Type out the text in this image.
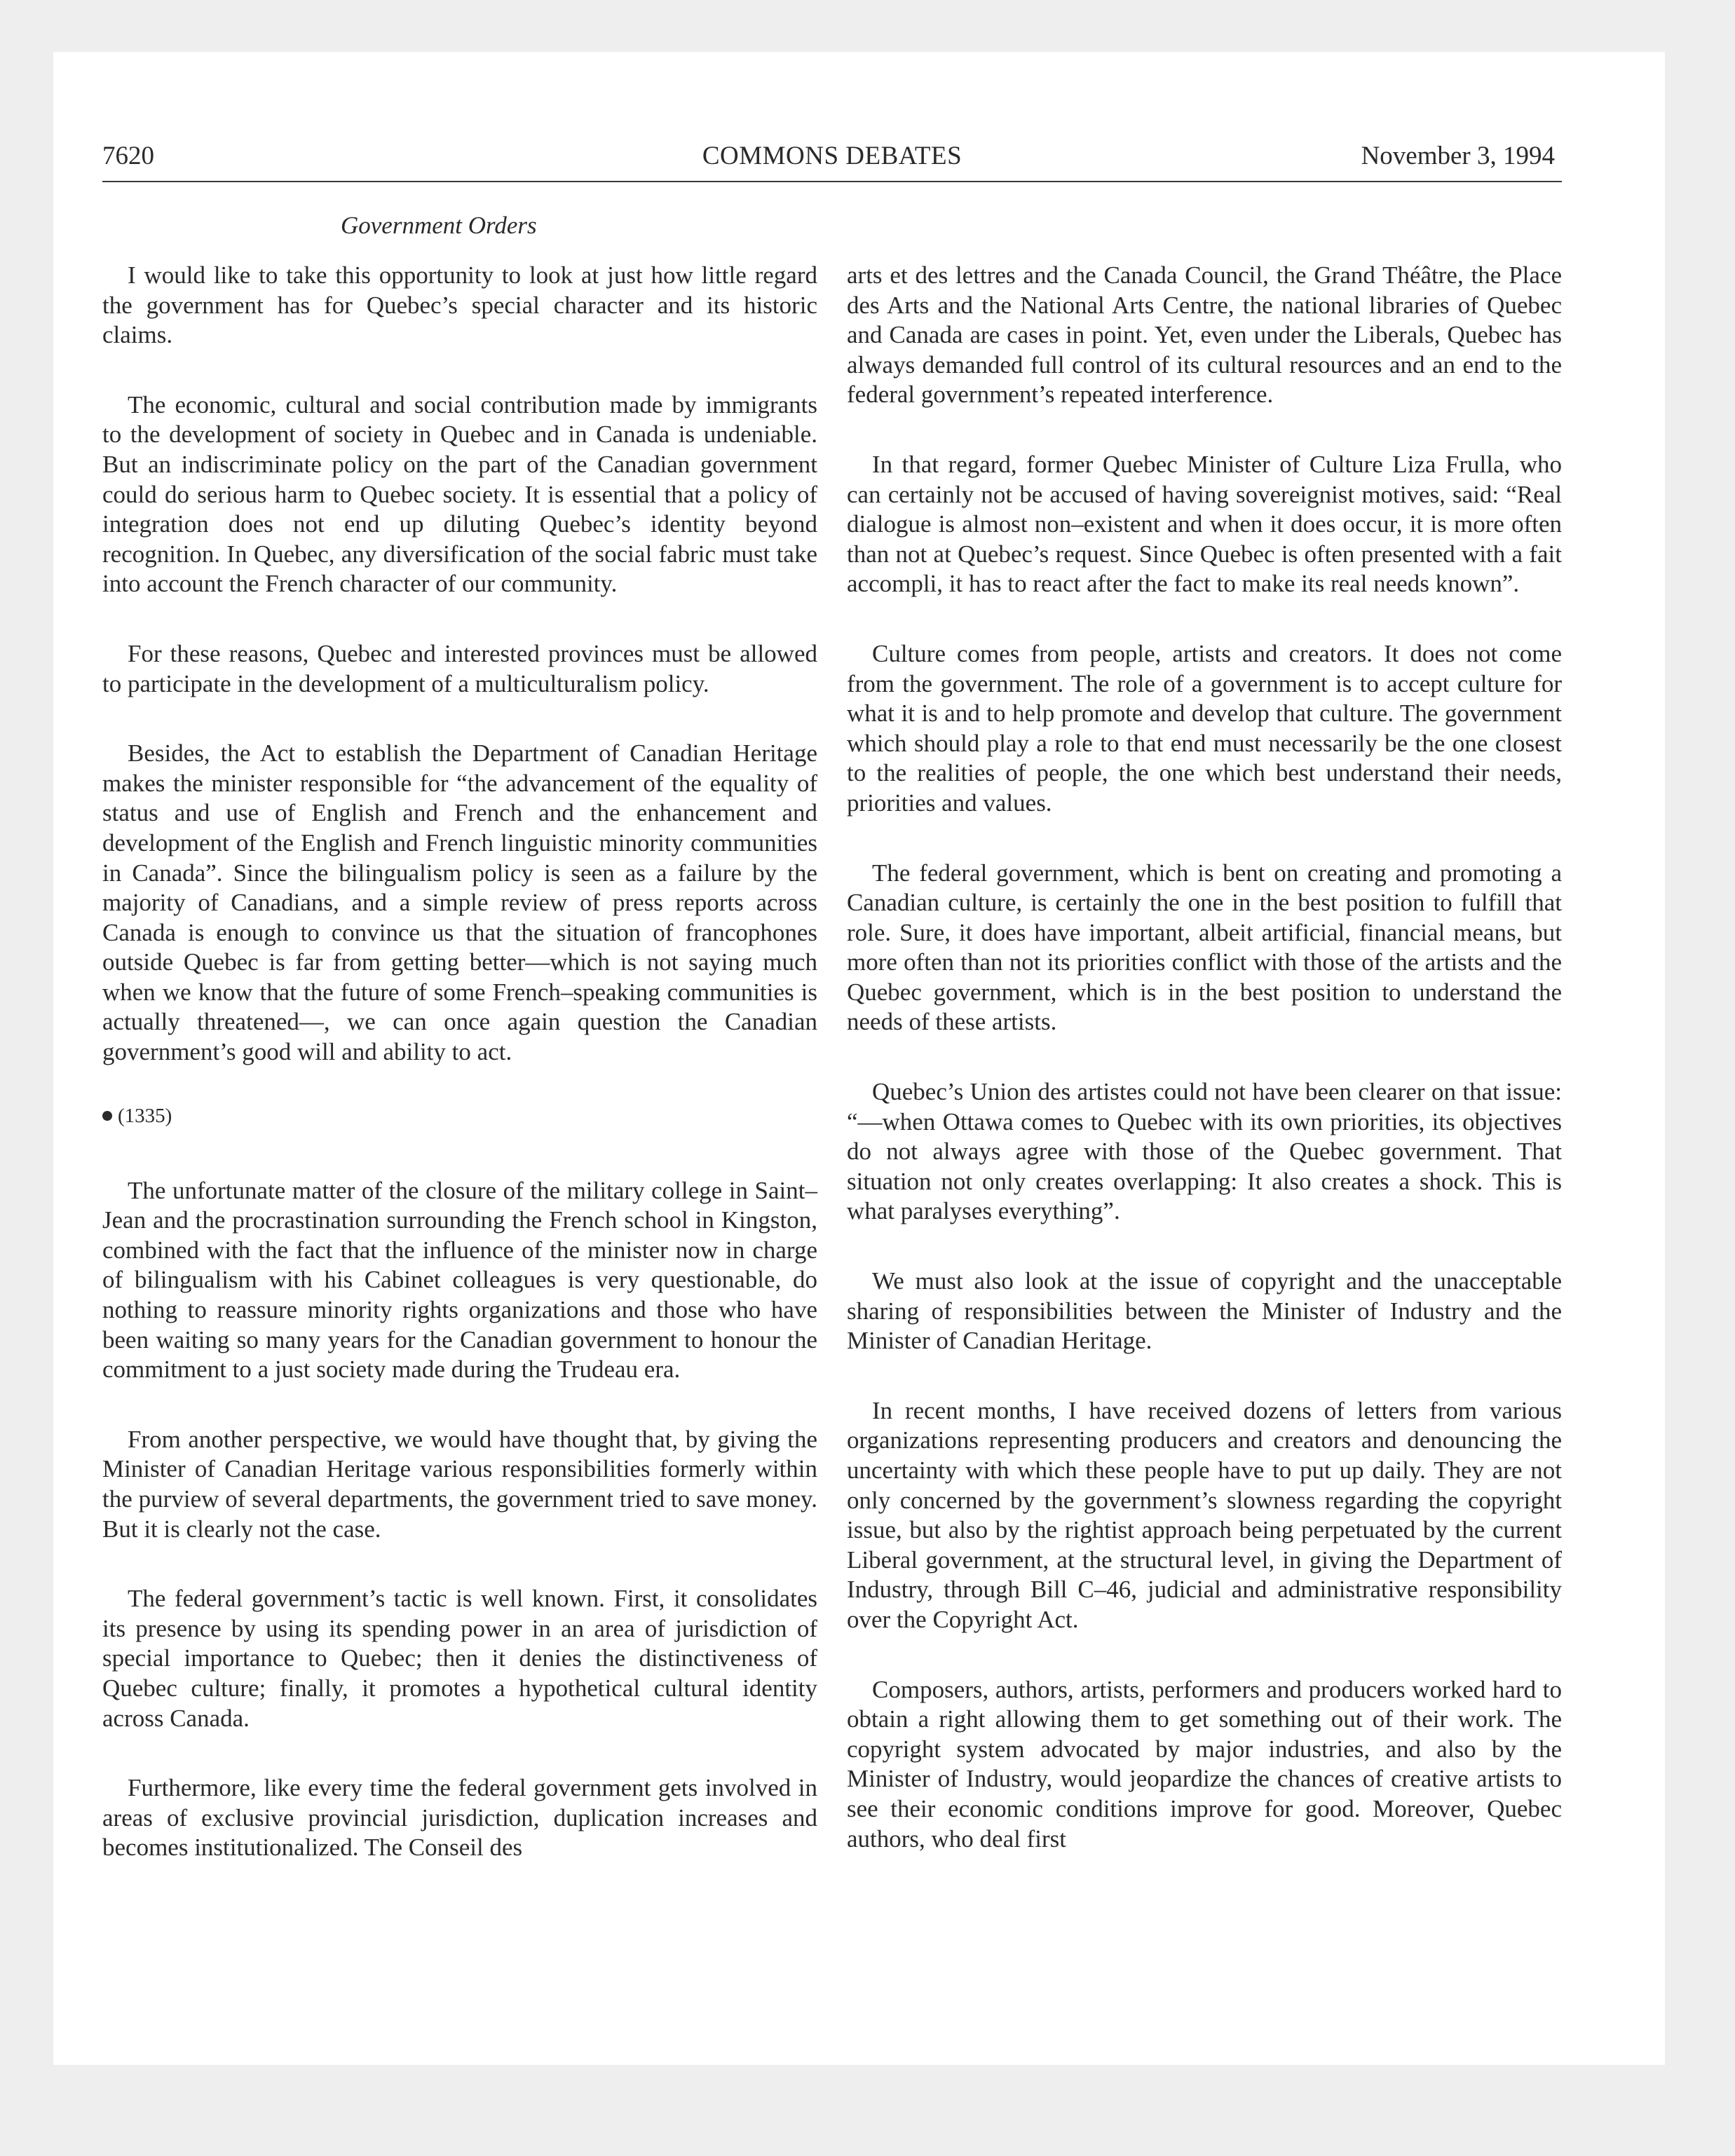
7620	COMMONS DEBATES	November 3, 1994
Government Orders

I would like to take this opportunity to look at just how little regard the government has for Quebec’s special character and its historic claims.

The economic, cultural and social contribution made by immigrants to the development of society in Quebec and in Canada is undeniable. But an indiscriminate policy on the part of the Canadian government could do serious harm to Quebec society. It is essential that a policy of integration does not end up diluting Quebec’s identity beyond recognition. In Quebec, any diversification of the social fabric must take into account the French character of our community.

For these reasons, Quebec and interested provinces must be allowed to participate in the development of a multiculturalism policy.

Besides, the Act to establish the Department of Canadian Heritage makes the minister responsible for “the advancement of the equality of status and use of English and French and the enhancement and development of the English and French linguistic minority communities in Canada”. Since the bilingualism policy is seen as a failure by the majority of Canadians, and a simple review of press reports across Canada is enough to convince us that the situation of francophones outside Quebec is far from getting better—which is not saying much when we know that the future of some French–speaking communities is actually threatened—, we can once again question the Canadian government’s good will and ability to act.

(1335)

The unfortunate matter of the closure of the military college in Saint–Jean and the procrastination surrounding the French school in Kingston, combined with the fact that the influence of the minister now in charge of bilingualism with his Cabinet colleagues is very questionable, do nothing to reassure minority rights organizations and those who have been waiting so many years for the Canadian government to honour the commitment to a just society made during the Trudeau era.

From another perspective, we would have thought that, by giving the Minister of Canadian Heritage various responsibilities formerly within the purview of several departments, the government tried to save money. But it is clearly not the case.

The federal government’s tactic is well known. First, it consolidates its presence by using its spending power in an area of jurisdiction of special importance to Quebec; then it denies the distinctiveness of Quebec culture; finally, it promotes a hypothetical cultural identity across Canada.

Furthermore, like every time the federal government gets involved in areas of exclusive provincial jurisdiction, duplication increases and becomes institutionalized. The Conseil des

arts et des lettres and the Canada Council, the Grand Théâtre, the Place des Arts and the National Arts Centre, the national libraries of Quebec and Canada are cases in point. Yet, even under the Liberals, Quebec has always demanded full control of its cultural resources and an end to the federal government’s repeated interference.

In that regard, former Quebec Minister of Culture Liza Frulla, who can certainly not be accused of having sovereignist motives, said: “Real dialogue is almost non–existent and when it does occur, it is more often than not at Quebec’s request. Since Quebec is often presented with a fait accompli, it has to react after the fact to make its real needs known”.

Culture comes from people, artists and creators. It does not come from the government. The role of a government is to accept culture for what it is and to help promote and develop that culture. The government which should play a role to that end must necessarily be the one closest to the realities of people, the one which best understand their needs, priorities and values.

The federal government, which is bent on creating and promoting a Canadian culture, is certainly the one in the best position to fulfill that role. Sure, it does have important, albeit artificial, financial means, but more often than not its priorities conflict with those of the artists and the Quebec government, which is in the best position to understand the needs of these artists.

Quebec’s Union des artistes could not have been clearer on that issue: “—when Ottawa comes to Quebec with its own priorities, its objectives do not always agree with those of the Quebec government. That situation not only creates overlapping: It also creates a shock. This is what paralyses everything”.

We must also look at the issue of copyright and the unacceptable sharing of responsibilities between the Minister of Industry and the Minister of Canadian Heritage.

In recent months, I have received dozens of letters from various organizations representing producers and creators and denouncing the uncertainty with which these people have to put up daily. They are not only concerned by the government’s slowness regarding the copyright issue, but also by the rightist approach being perpetuated by the current Liberal government, at the structural level, in giving the Department of Industry, through Bill C–46, judicial and administrative responsibility over the Copyright Act.

Composers, authors, artists, performers and producers worked hard to obtain a right allowing them to get something out of their work. The copyright system advocated by major industries, and also by the Minister of Industry, would jeopardize the chances of creative artists to see their economic conditions improve for good. Moreover, Quebec authors, who deal first
